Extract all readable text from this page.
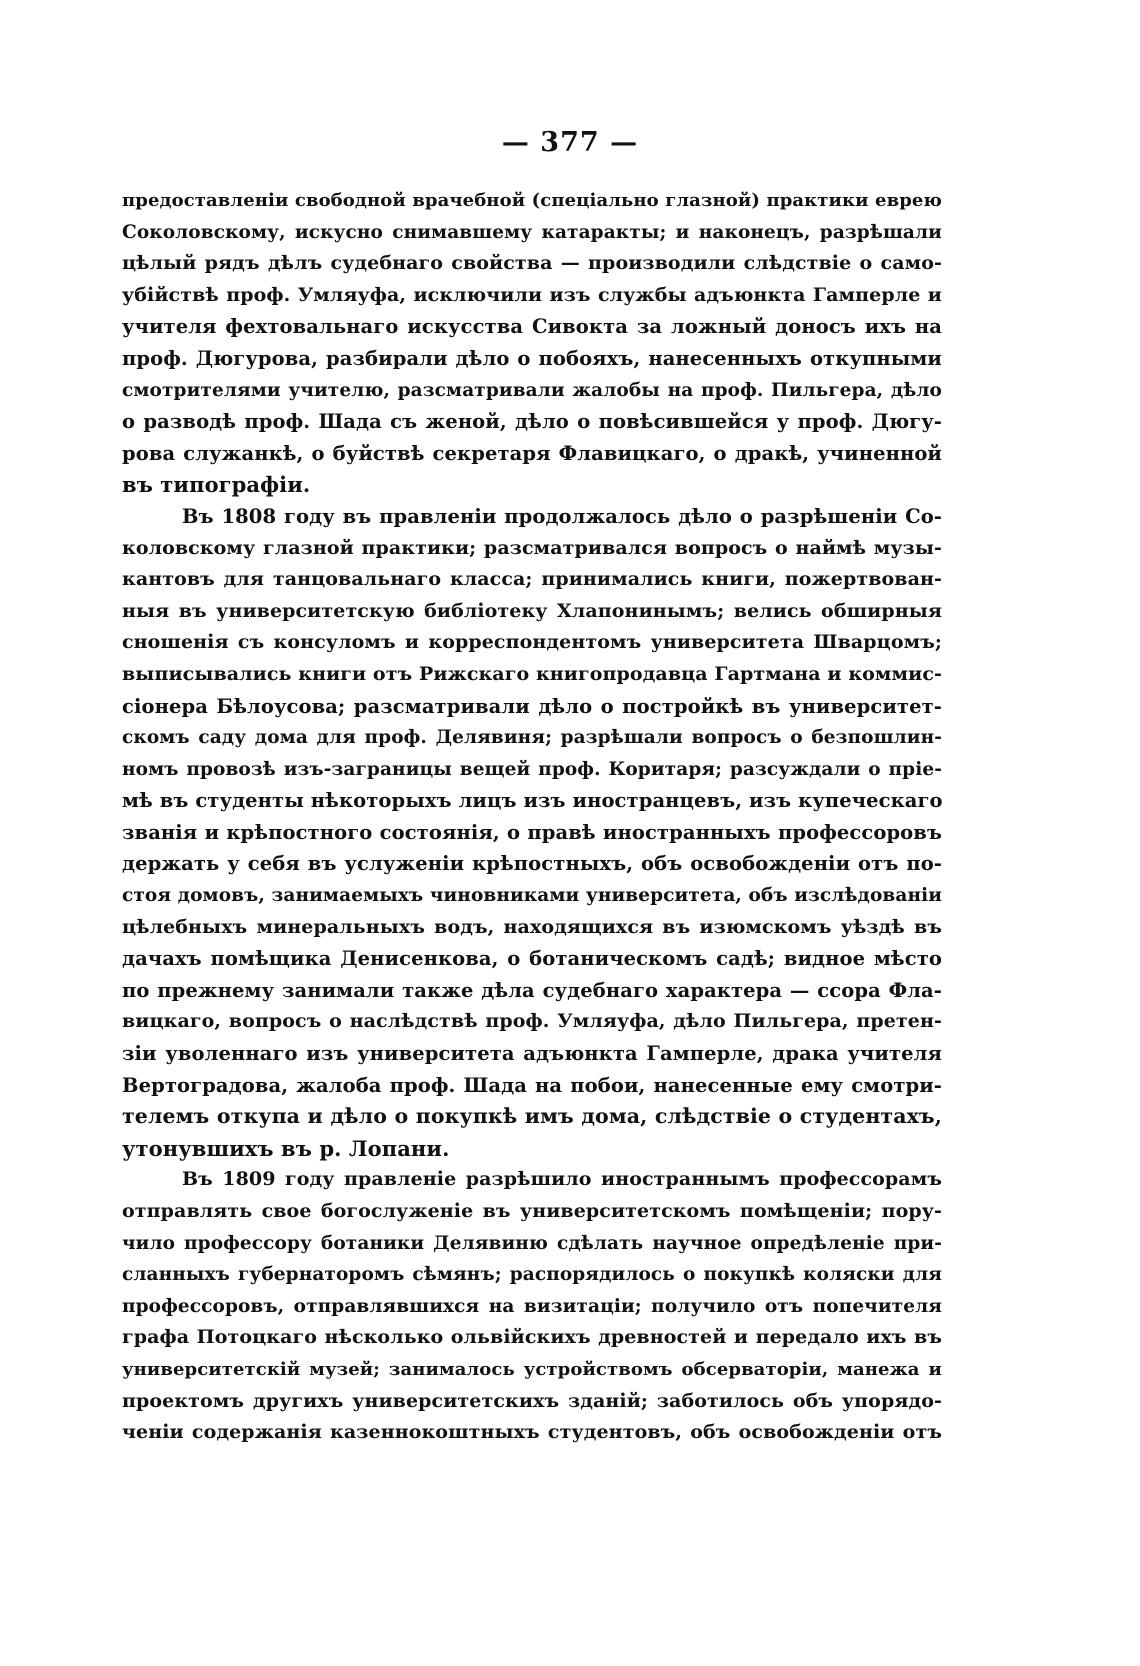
— 377 —
предоставленіи свободной врачебной (спеціально глазной) практики еврею
Соколовскому, искусно снимавшему катаракты; и наконецъ, разрѣшали
цѣлый рядъ дѣлъ судебнаго свойства — производили слѣдствіе о само-
убійствѣ проф. Умляуфа, исключили изъ службы адъюнкта Гамперле и
учителя фехтовальнаго искусства Сивокта за ложный доносъ ихъ на
проф. Дюгурова, разбирали дѣло о побояхъ, нанесенныхъ откупными
смотрителями учителю, разсматривали жалобы на проф. Пильгера, дѣло
о разводѣ проф. Шада съ женой, дѣло о повѣсившейся у проф. Дюгу-
рова служанкѣ, о буйствѣ секретаря Флавицкаго, о дракѣ, учиненной
въ типографіи.
Въ 1808 году въ правленіи продолжалось дѣло о разрѣшеніи Со-
коловскому глазной практики; разсматривался вопросъ о наймѣ музы-
кантовъ для танцовальнаго класса; принимались книги, пожертвован-
ныя въ университетскую библіотеку Хлапонинымъ; велись обширныя
сношенія съ консуломъ и корреспондентомъ университета Шварцомъ;
выписывались книги отъ Рижскаго книгопродавца Гартмана и коммис-
сіонера Бѣлоусова; разсматривали дѣло о постройкѣ въ университет-
скомъ саду дома для проф. Делявиня; разрѣшали вопросъ о безпошлин-
номъ провозѣ изъ-заграницы вещей проф. Коритаря; разсуждали о пріе-
мѣ въ студенты нѣкоторыхъ лицъ изъ иностранцевъ, изъ купеческаго
званія и крѣпостного состоянія, о правѣ иностранныхъ профессоровъ
держать у себя въ услуженіи крѣпостныхъ, объ освобожденіи отъ по-
стоя домовъ, занимаемыхъ чиновниками университета, объ изслѣдованіи
цѣлебныхъ минеральныхъ водъ, находящихся въ изюмскомъ уѣздѣ въ
дачахъ помѣщика Денисенкова, о ботаническомъ садѣ; видное мѣсто
по прежнему занимали также дѣла судебнаго характера — ссора Фла-
вицкаго, вопросъ о наслѣдствѣ проф. Умляуфа, дѣло Пильгера, претен-
зіи уволеннаго изъ университета адъюнкта Гамперле, драка учителя
Вертоградова, жалоба проф. Шада на побои, нанесенные ему смотри-
телемъ откупа и дѣло о покупкѣ имъ дома, слѣдствіе о студентахъ,
утонувшихъ въ р. Лопани.
Въ 1809 году правленіе разрѣшило иностраннымъ профессорамъ
отправлять свое богослуженіе въ университетскомъ помѣщеніи; пору-
чило профессору ботаники Делявиню сдѣлать научное опредѣленіе при-
сланныхъ губернаторомъ сѣмянъ; распорядилось о покупкѣ коляски для
профессоровъ, отправлявшихся на визитаціи; получило отъ попечителя
графа Потоцкаго нѣсколько ольвійскихъ древностей и передало ихъ въ
университетскій музей; занималось устройствомъ обсерваторіи, манежа и
проектомъ другихъ университетскихъ зданій; заботилось объ упорядо-
ченіи содержанія казеннокоштныхъ студентовъ, объ освобожденіи отъ
